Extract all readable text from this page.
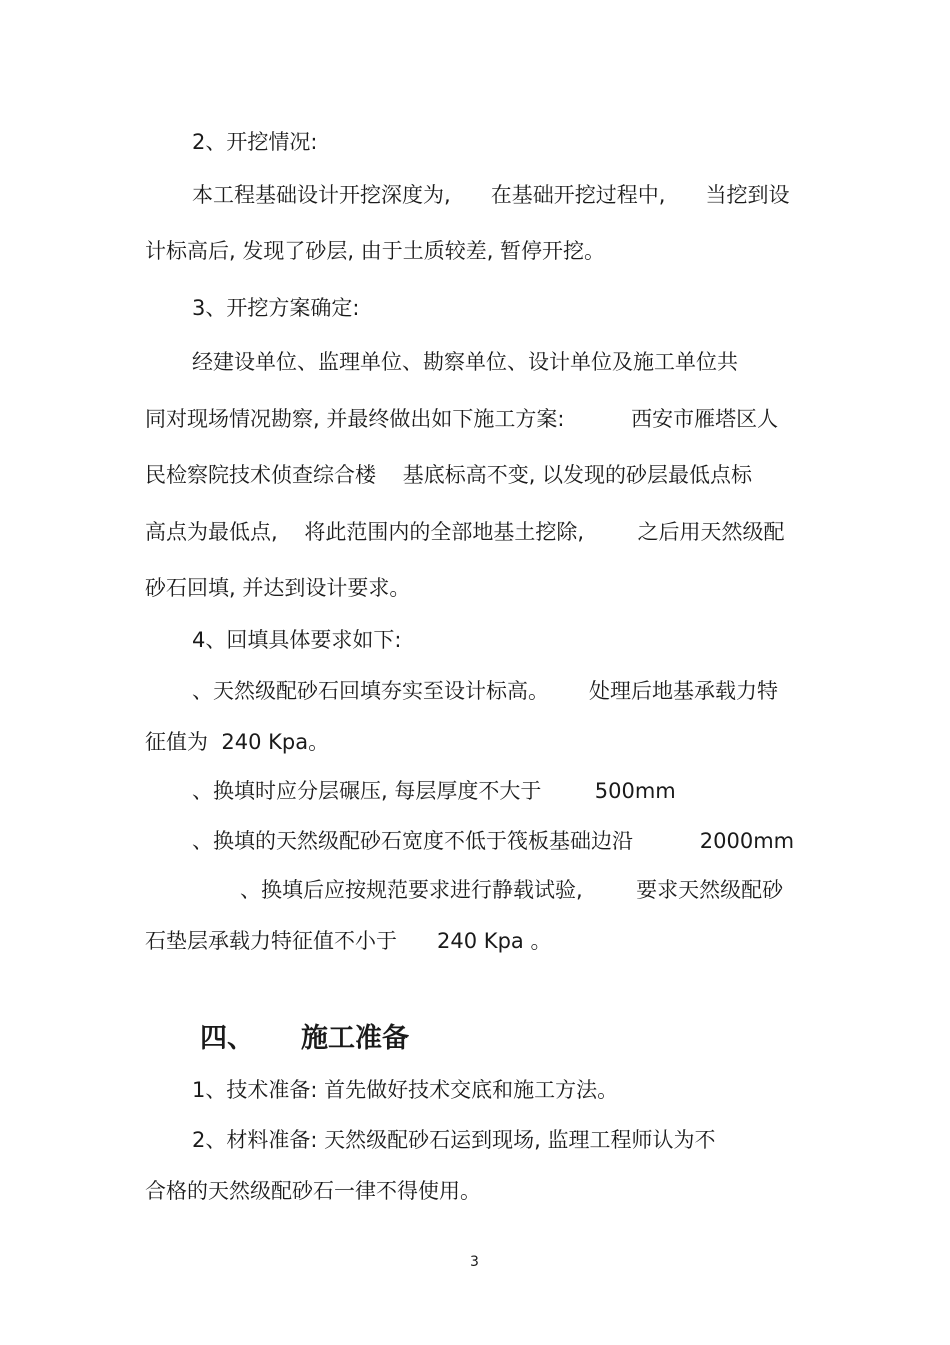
2、开挖情况:

本工程基础设计开挖深度为,      在基础开挖过程中,      当挖到设

计标高后, 发现了砂层, 由于土质较差, 暂停开挖。

3、开挖方案确定:

经建设单位、监理单位、勘察单位、设计单位及施工单位共

同对现场情况勘察, 并最终做出如下施工方案:          西安市雁塔区人

民检察院技术侦查综合楼    基底标高不变, 以发现的砂层最低点标

高点为最低点,    将此范围内的全部地基土挖除,        之后用天然级配

砂石回填, 并达到设计要求。

4、回填具体要求如下:

、天然级配砂石回填夯实至设计标高。      处理后地基承载力特

征值为  240 Kpa。

、换填时应分层碾压, 每层厚度不大于        500mm

、换填的天然级配砂石宽度不低于筏板基础边沿          2000mm

、换填后应按规范要求进行静载试验,        要求天然级配砂

石垫层承载力特征值不小于      240 Kpa 。

四、     施工准备

1、技术准备: 首先做好技术交底和施工方法。

2、材料准备: 天然级配砂石运到现场, 监理工程师认为不

合格的天然级配砂石一律不得使用。

3
